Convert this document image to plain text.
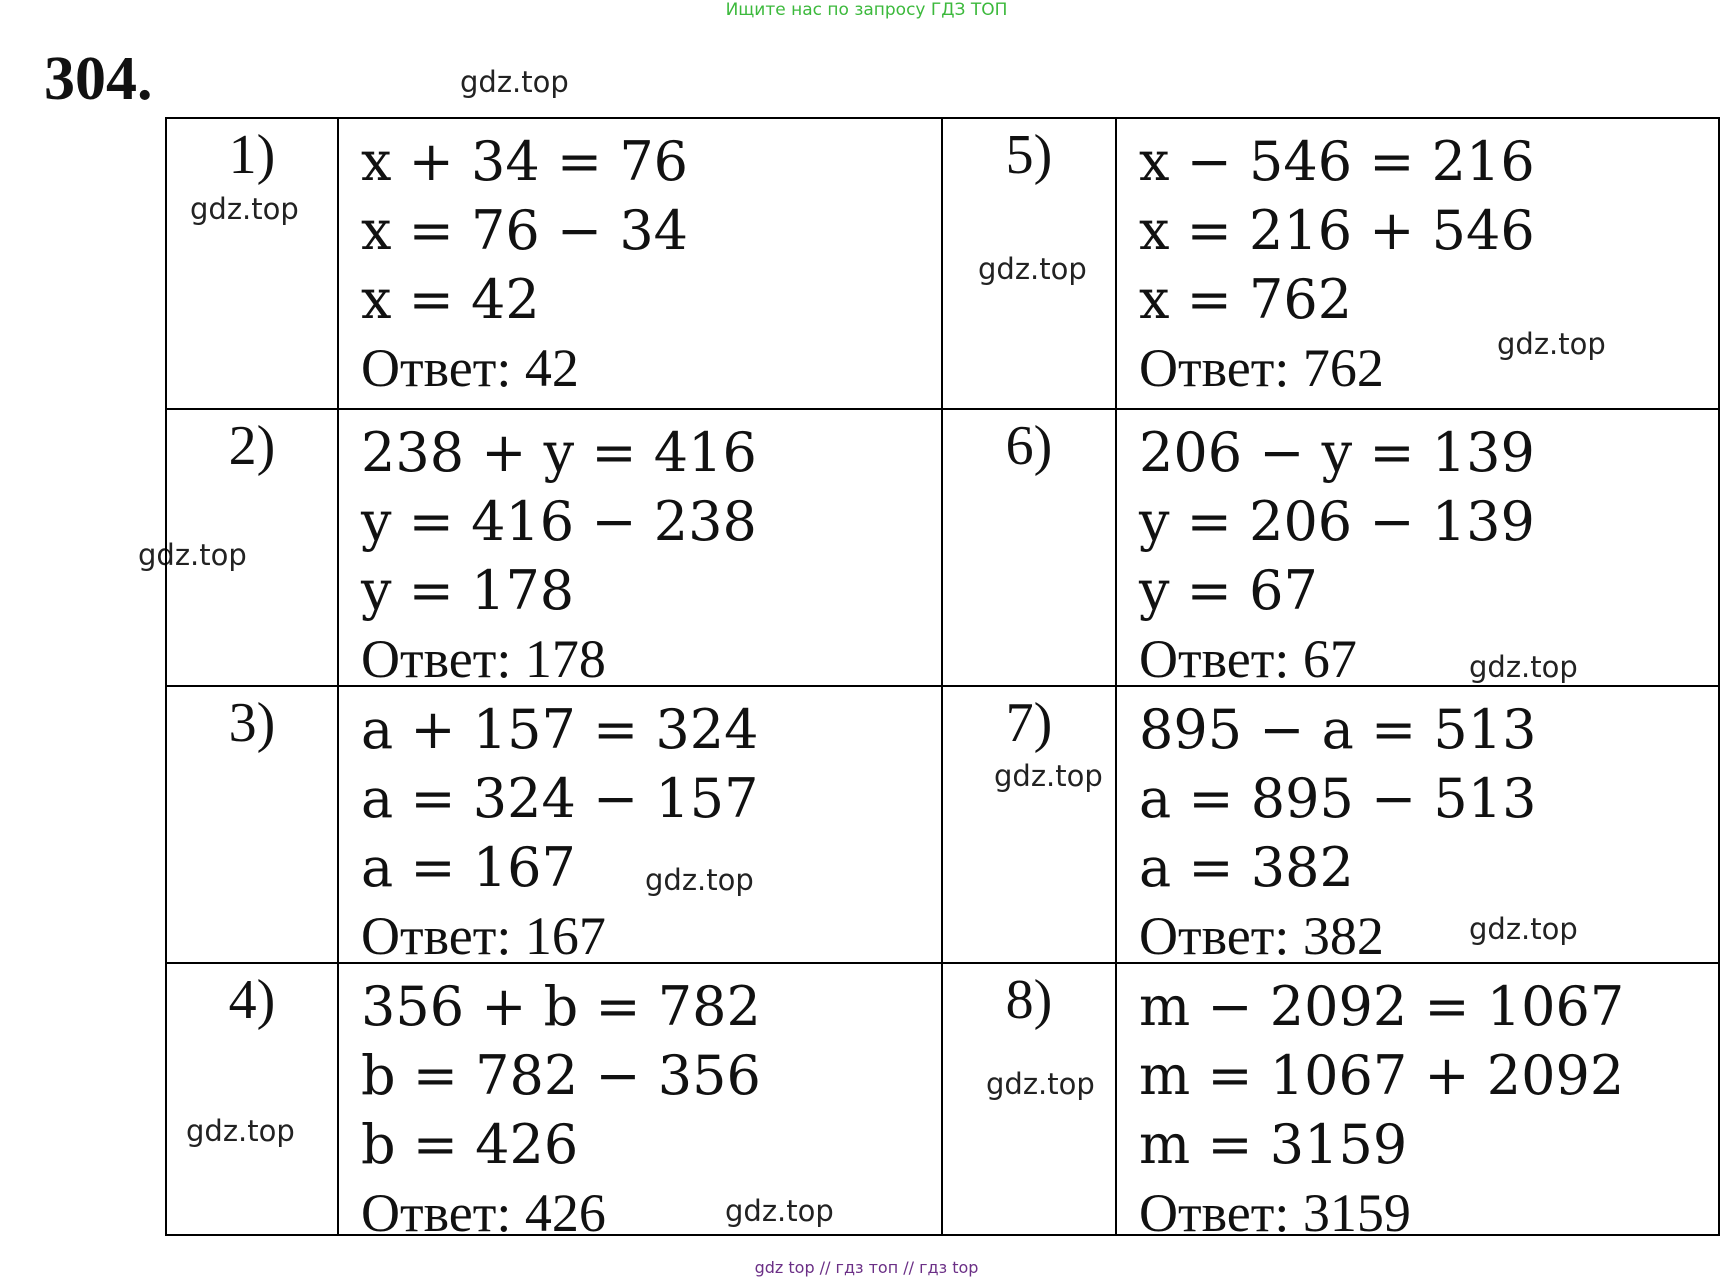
Ищите нас по запросу ГДЗ ТОП
304.	gdz.top
gdz.top
gdz.top
gdz.top
gdz.top
gdz.top
gdz.top
gdz.top
gdz.top
gdz.top
gdz.top
gdz.top
1)	x + 34 = 76
x = 76 − 34
x = 42
Ответ: 42
5)	x − 546 = 216
x = 216 + 546
x = 762
Ответ: 762
2)	238 + y = 416
y = 416 − 238
y = 178
Ответ: 178
6)	206 − y = 139
y = 206 − 139
y = 67
Ответ: 67
3)	a + 157 = 324
a = 324 − 157
a = 167
Ответ: 167
7)	895 − a = 513
a = 895 − 513
a = 382
Ответ: 382
4)	356 + b = 782
b = 782 − 356
b = 426
Ответ: 426
8)	m − 2092 = 1067
m = 1067 + 2092
m = 3159
Ответ: 3159
gdz top // гдз топ // гдз top
